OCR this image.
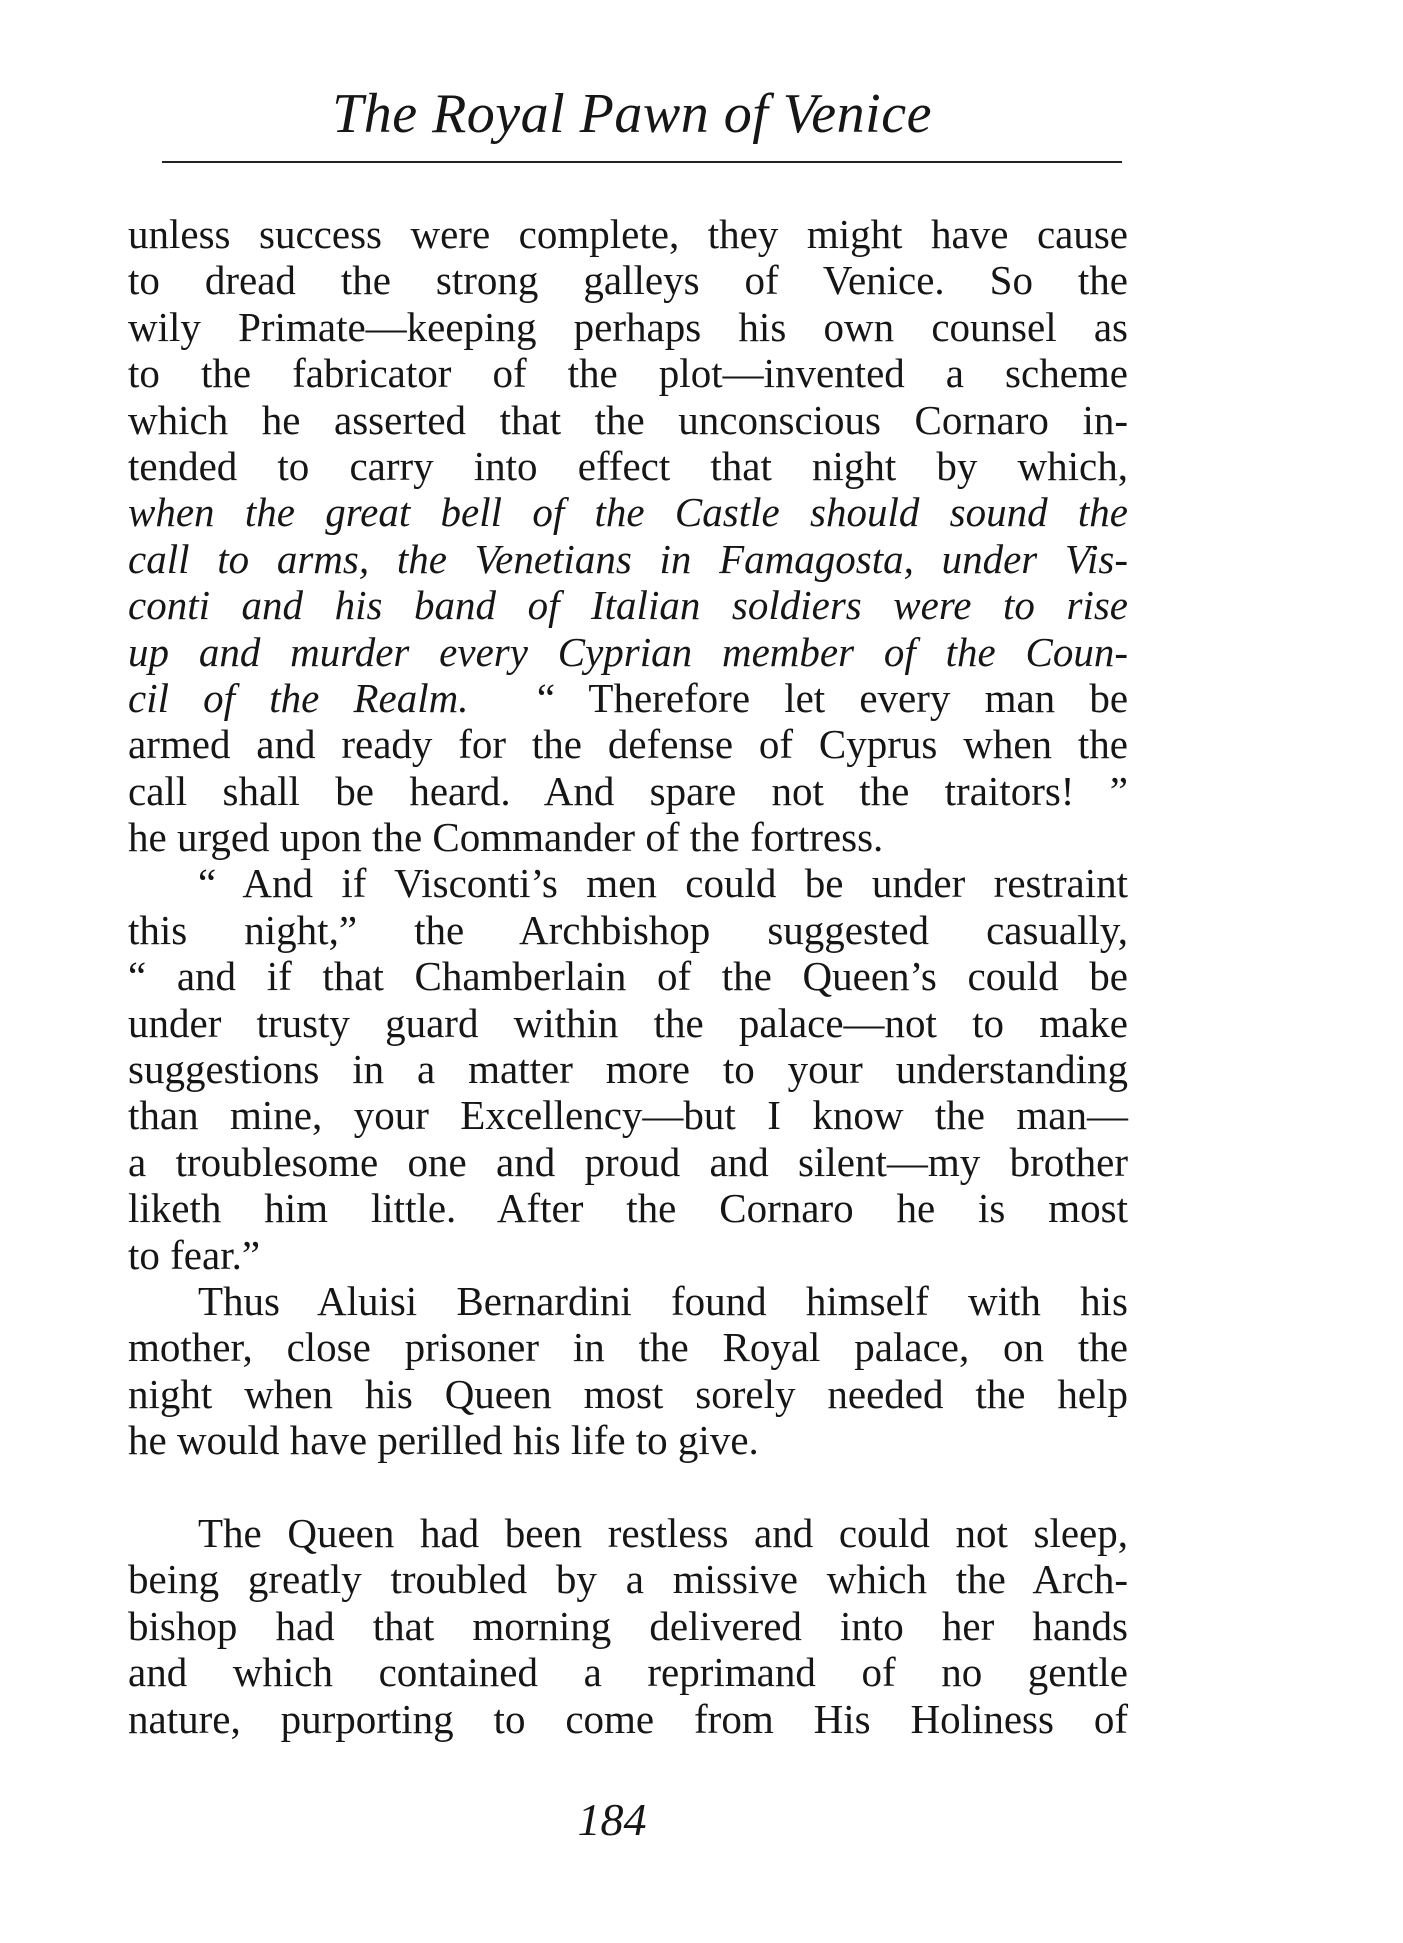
The Royal Pawn of Venice
unless success were complete, they might have cause
to dread the strong galleys of Venice. So the
wily Primate—keeping perhaps his own counsel as
to the fabricator of the plot—invented a scheme
which he asserted that the unconscious Cornaro in-
tended to carry into effect that night by which,
when the great bell of the Castle should sound the
call to arms, the Venetians in Famagosta, under Vis-
conti and his band of Italian soldiers were to rise
up and murder every Cyprian member of the Coun-
cil of the Realm. “ Therefore let every man be
armed and ready for the defense of Cyprus when the
call shall be heard. And spare not the traitors! ”
he urged upon the Commander of the fortress.
“ And if Visconti’s men could be under restraint
this night,” the Archbishop suggested casually,
“ and if that Chamberlain of the Queen’s could be
under trusty guard within the palace—not to make
suggestions in a matter more to your understanding
than mine, your Excellency—but I know the man—
a troublesome one and proud and silent—my brother
liketh him little. After the Cornaro he is most
to fear.”
Thus Aluisi Bernardini found himself with his
mother, close prisoner in the Royal palace, on the
night when his Queen most sorely needed the help
he would have perilled his life to give.
The Queen had been restless and could not sleep,
being greatly troubled by a missive which the Arch-
bishop had that morning delivered into her hands
and which contained a reprimand of no gentle
nature, purporting to come from His Holiness of
184
